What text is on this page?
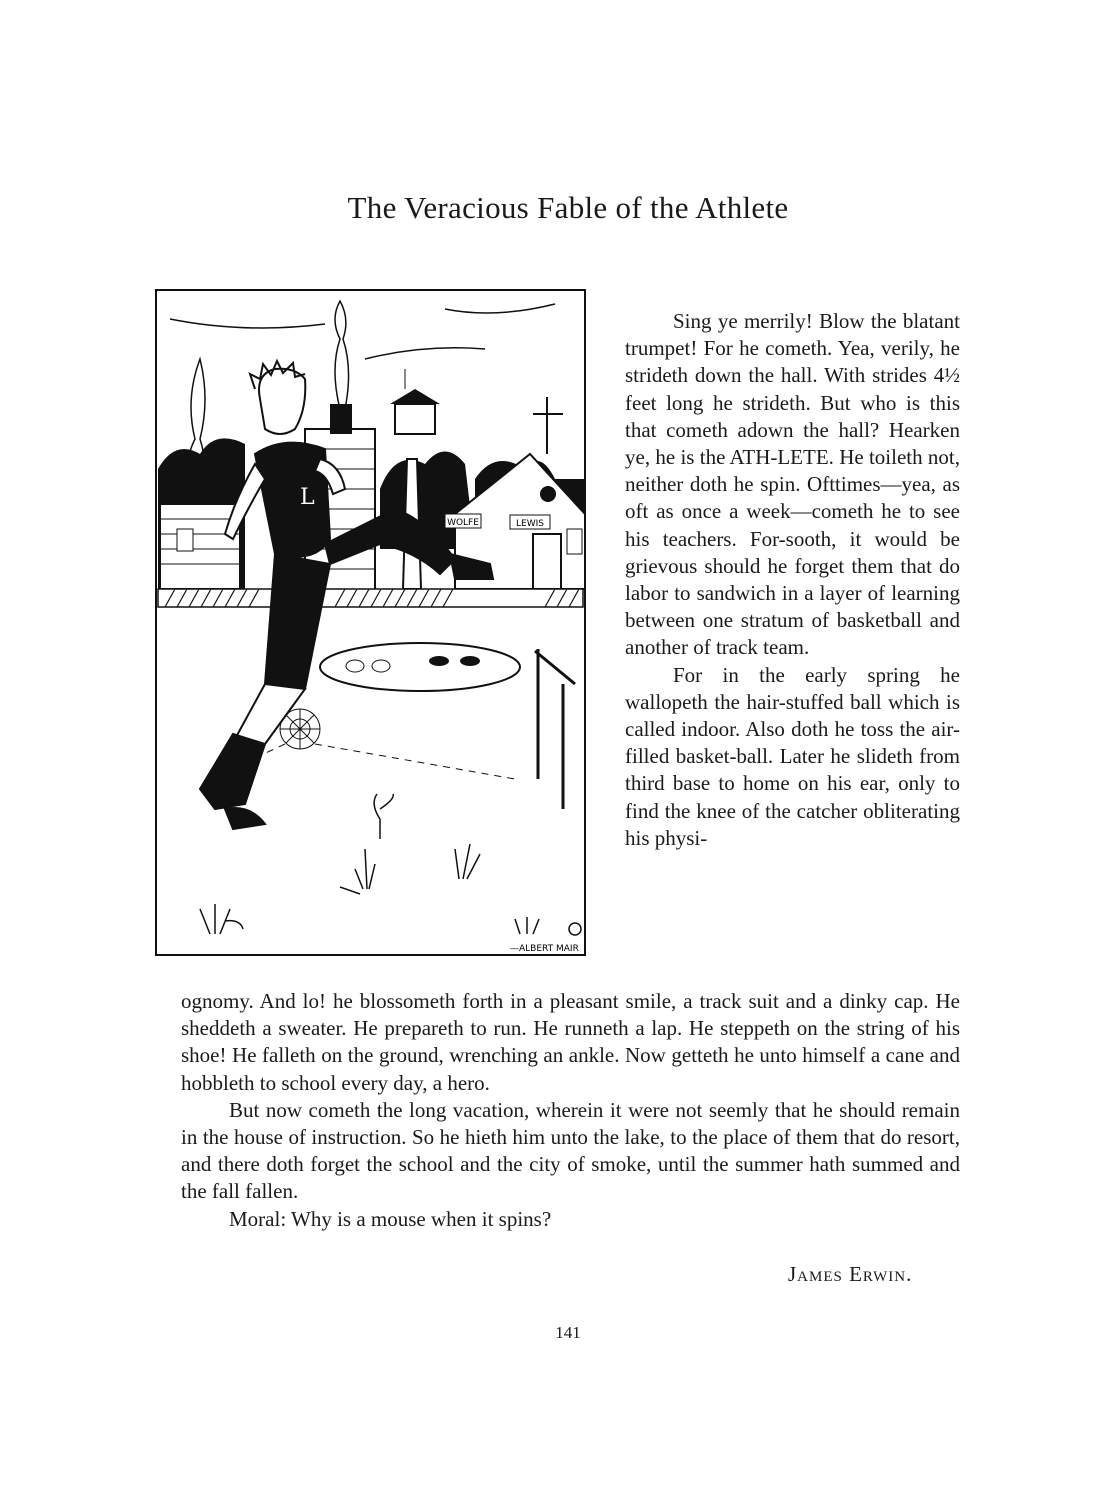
The Veracious Fable of the Athlete
WOLFE	LEWIS
L
—ALBERT MAIR

Sing ye merrily! Blow the blatant trumpet! For he cometh. Yea, verily, he strideth down the hall. With strides 4½ feet long he strideth. But who is this that cometh adown the hall? Hearken ye, he is the ATH-LETE. He toileth not, neither doth he spin. Ofttimes—yea, as oft as once a week—cometh he to see his teachers. For-sooth, it would be grievous should he forget them that do labor to sandwich in a layer of learning between one stratum of basketball and another of track team.

For in the early spring he wallopeth the hair-stuffed ball which is called indoor. Also doth he toss the air-filled basket-ball. Later he slideth from third base to home on his ear, only to find the knee of the catcher obliterating his physi-

ognomy. And lo! he blossometh forth in a pleasant smile, a track suit and a dinky cap. He sheddeth a sweater. He prepareth to run. He runneth a lap. He steppeth on the string of his shoe! He falleth on the ground, wrenching an ankle. Now getteth he unto himself a cane and hobbleth to school every day, a hero.

But now cometh the long vacation, wherein it were not seemly that he should remain in the house of instruction. So he hieth him unto the lake, to the place of them that do resort, and there doth forget the school and the city of smoke, until the summer hath summed and the fall fallen.

Moral: Why is a mouse when it spins?

James Erwin.
141
